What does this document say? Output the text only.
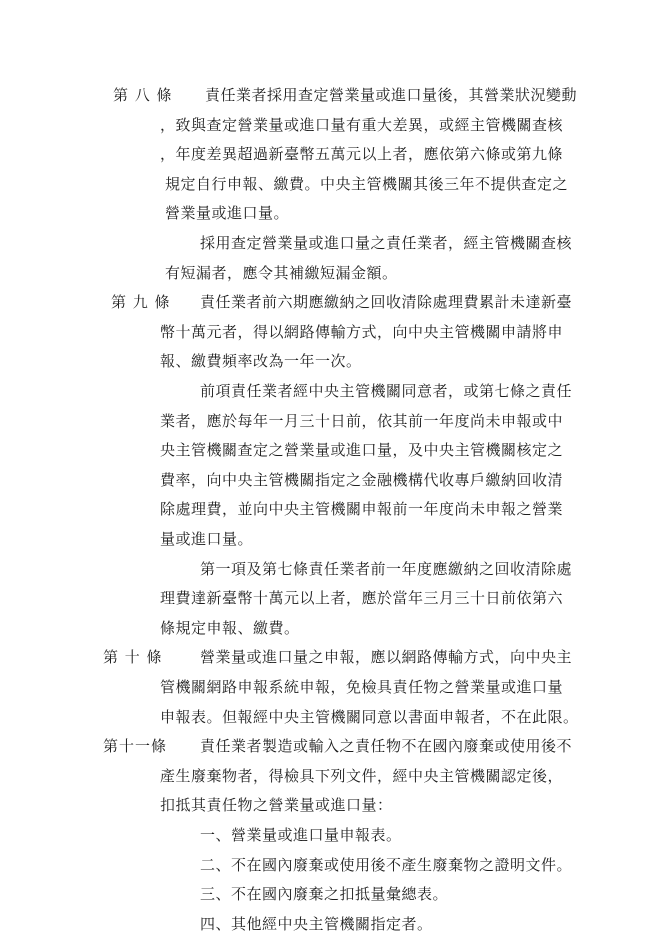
第 八 條 責任業者採用查定營業量或進口量後，其營業狀況變動
，致與查定營業量或進口量有重大差異，或經主管機關查核
，年度差異超過新臺幣五萬元以上者，應依第六條或第九條
規定自行申報、繳費。中央主管機關其後三年不提供查定之
營業量或進口量。
採用查定營業量或進口量之責任業者，經主管機關查核
有短漏者，應令其補繳短漏金額。
第 九 條 責任業者前六期應繳納之回收清除處理費累計未達新臺
幣十萬元者，得以網路傳輸方式，向中央主管機關申請將申
報、繳費頻率改為一年一次。
前項責任業者經中央主管機關同意者，或第七條之責任
業者，應於每年一月三十日前，依其前一年度尚未申報或中
央主管機關查定之營業量或進口量，及中央主管機關核定之
費率，向中央主管機關指定之金融機構代收專戶繳納回收清
除處理費，並向中央主管機關申報前一年度尚未申報之營業
量或進口量。
第一項及第七條責任業者前一年度應繳納之回收清除處
理費達新臺幣十萬元以上者，應於當年三月三十日前依第六
條規定申報、繳費。
第 十 條 營業量或進口量之申報，應以網路傳輸方式，向中央主
管機關網路申報系統申報，免檢具責任物之營業量或進口量
申報表。但報經中央主管機關同意以書面申報者，不在此限。
第十一條 責任業者製造或輸入之責任物不在國內廢棄或使用後不
產生廢棄物者，得檢具下列文件，經中央主管機關認定後，
扣抵其責任物之營業量或進口量：
一、營業量或進口量申報表。
二、不在國內廢棄或使用後不產生廢棄物之證明文件。
三、不在國內廢棄之扣抵量彙總表。
四、其他經中央主管機關指定者。
